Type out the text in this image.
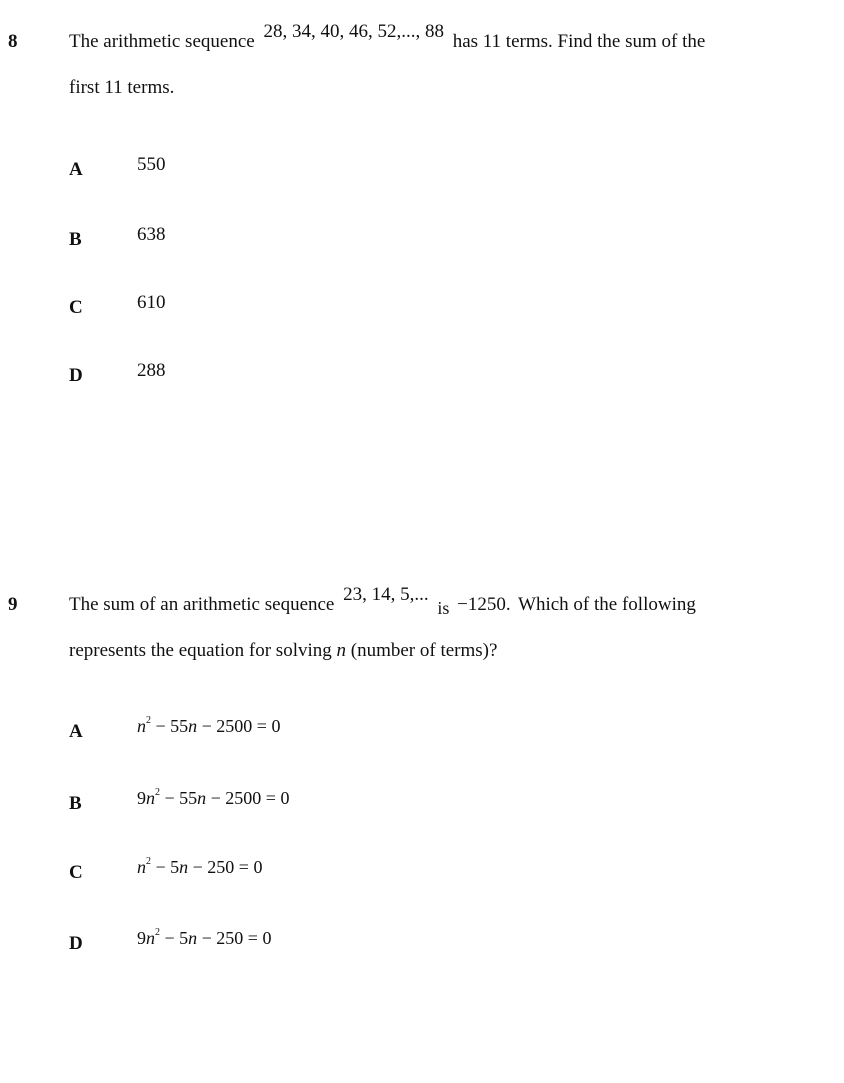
8	The arithmetic sequence 28, 34, 40, 46, 52,..., 88 has 11 terms. Find the sum of the
first 11 terms.
A	550
B	638
C	610
D	288
9	The sum of an arithmetic sequence 23, 14, 5,... is −1250. Which of the following
represents the equation for solving n (number of terms)?
A	$n^2 - 55n - 2500 = 0$
B	$9n^2 - 55n - 2500 = 0$
C	$n^2 - 5n - 250 = 0$
D	$9n^2 - 5n - 250 = 0$
